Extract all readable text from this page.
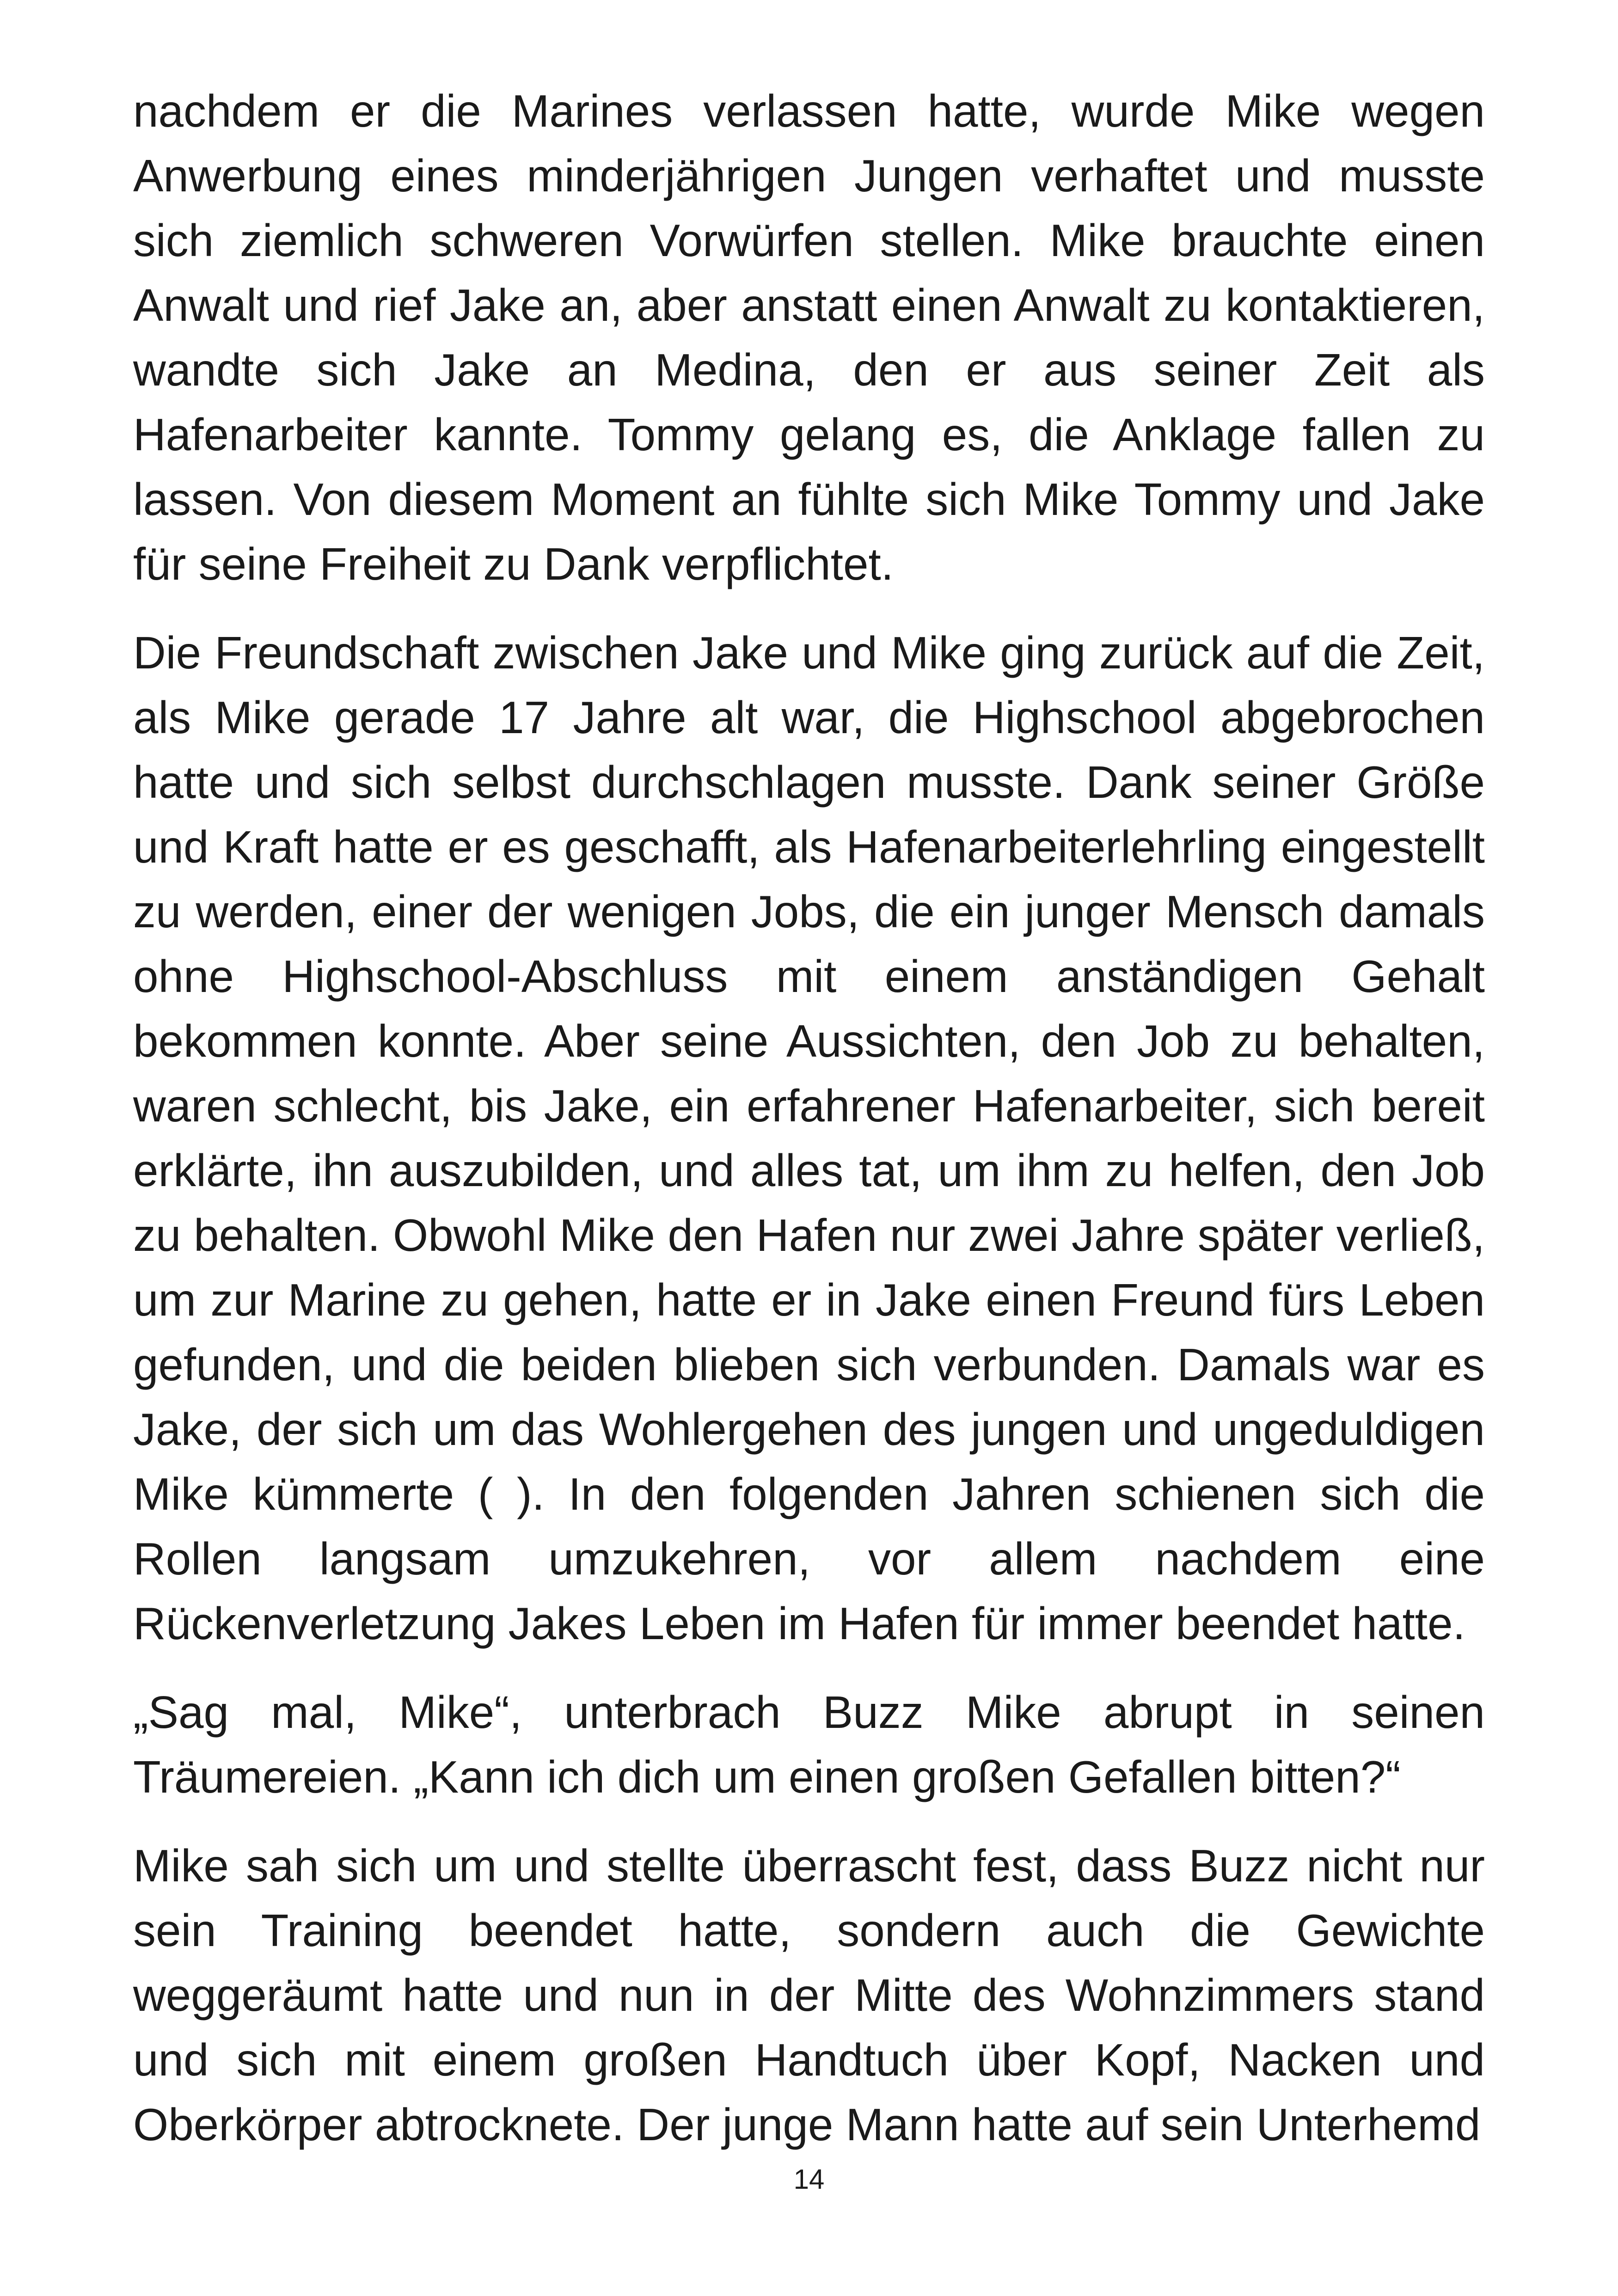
nachdem er die Marines verlassen hatte, wurde Mike wegen Anwerbung eines minderjährigen Jungen verhaftet und musste sich ziemlich schweren Vorwürfen stellen. Mike brauchte einen Anwalt und rief Jake an, aber anstatt einen Anwalt zu kontaktieren, wandte sich Jake an Medina, den er aus seiner Zeit als Hafenarbeiter kannte. Tommy gelang es, die Anklage fallen zu lassen. Von diesem Moment an fühlte sich Mike Tommy und Jake für seine Freiheit zu Dank verpflichtet.

Die Freundschaft zwischen Jake und Mike ging zurück auf die Zeit, als Mike gerade 17 Jahre alt war, die Highschool abgebrochen hatte und sich selbst durchschlagen musste. Dank seiner Größe und Kraft hatte er es geschafft, als Hafenarbeiterlehrling eingestellt zu werden, einer der wenigen Jobs, die ein junger Mensch damals ohne Highschool-Abschluss mit einem anständigen Gehalt bekommen konnte. Aber seine Aussichten, den Job zu behalten, waren schlecht, bis Jake, ein erfahrener Hafenarbeiter, sich bereit erklärte, ihn auszubilden, und alles tat, um ihm zu helfen, den Job zu behalten. Obwohl Mike den Hafen nur zwei Jahre später verließ, um zur Marine zu gehen, hatte er in Jake einen Freund fürs Leben gefunden, und die beiden blieben sich verbunden. Damals war es Jake, der sich um das Wohlergehen des jungen und ungeduldigen Mike kümmerte ( ). In den folgenden Jahren schienen sich die Rollen langsam umzukehren, vor allem nachdem eine Rückenverletzung Jakes Leben im Hafen für immer beendet hatte.

„Sag mal, Mike“, unterbrach Buzz Mike abrupt in seinen Träumereien. „Kann ich dich um einen großen Gefallen bitten?“

Mike sah sich um und stellte überrascht fest, dass Buzz nicht nur sein Training beendet hatte, sondern auch die Gewichte weggeräumt hatte und nun in der Mitte des Wohnzimmers stand und sich mit einem großen Handtuch über Kopf, Nacken und Oberkörper abtrocknete. Der junge Mann hatte auf sein Unterhemd

14
